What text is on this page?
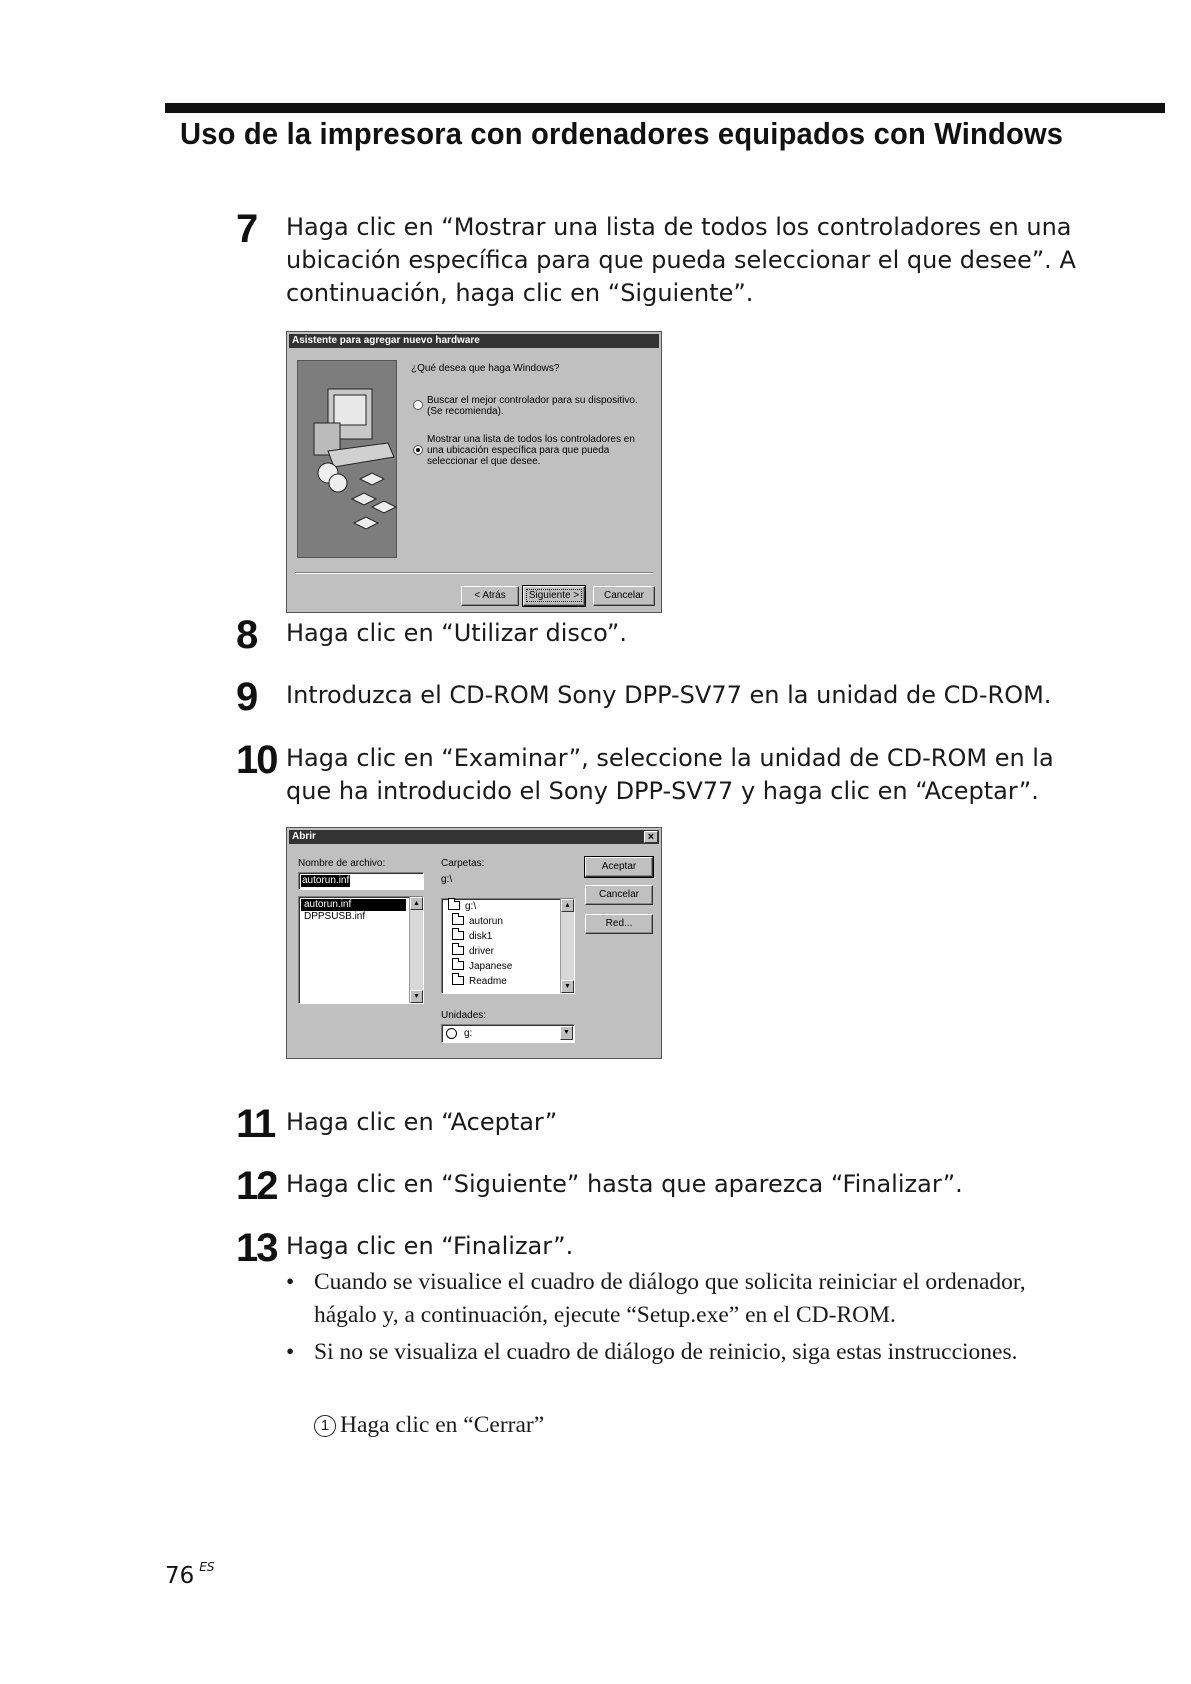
Uso de la impresora con ordenadores equipados con Windows
7	Haga clic en “Mostrar una lista de todos los controladores en una ubicación específica para que pueda seleccionar el que desee”. A continuación, haga clic en “Siguiente”.
Asistente para agregar nuevo hardware
¿Qué desea que haga Windows?
Buscar el mejor controlador para su dispositivo. (Se recomienda).
Mostrar una lista de todos los controladores en una ubicación específica para que pueda seleccionar el que desee.
< Atrás	Siguiente >	Cancelar
8	Haga clic en “Utilizar disco”.
9	Introduzca el CD-ROM Sony DPP-SV77 en la unidad de CD-ROM.
10 Haga clic en “Examinar”, seleccione la unidad de CD-ROM en la que ha introducido el Sony DPP-SV77 y haga clic en “Aceptar”.
Abrir	×
Nombre de archivo:
autorun.inf
autorun.inf
DPPSUSB.inf
▲
▼
Carpetas:
g:\
g:\
autorun
disk1
driver
Japanese
Readme
▲
▼
Unidades:
g:	▼
Aceptar
Cancelar
Red...
11 Haga clic en “Aceptar”
12 Haga clic en “Siguiente” hasta que aparezca “Finalizar”.
13 Haga clic en “Finalizar”.
• Cuando se visualice el cuadro de diálogo que solicita reiniciar el ordenador, hágalo y, a continuación, ejecute “Setup.exe” en el CD-ROM.
• Si no se visualiza el cuadro de diálogo de reinicio, siga estas instrucciones.
1 Haga clic en “Cerrar”
76 $^{ES}$
